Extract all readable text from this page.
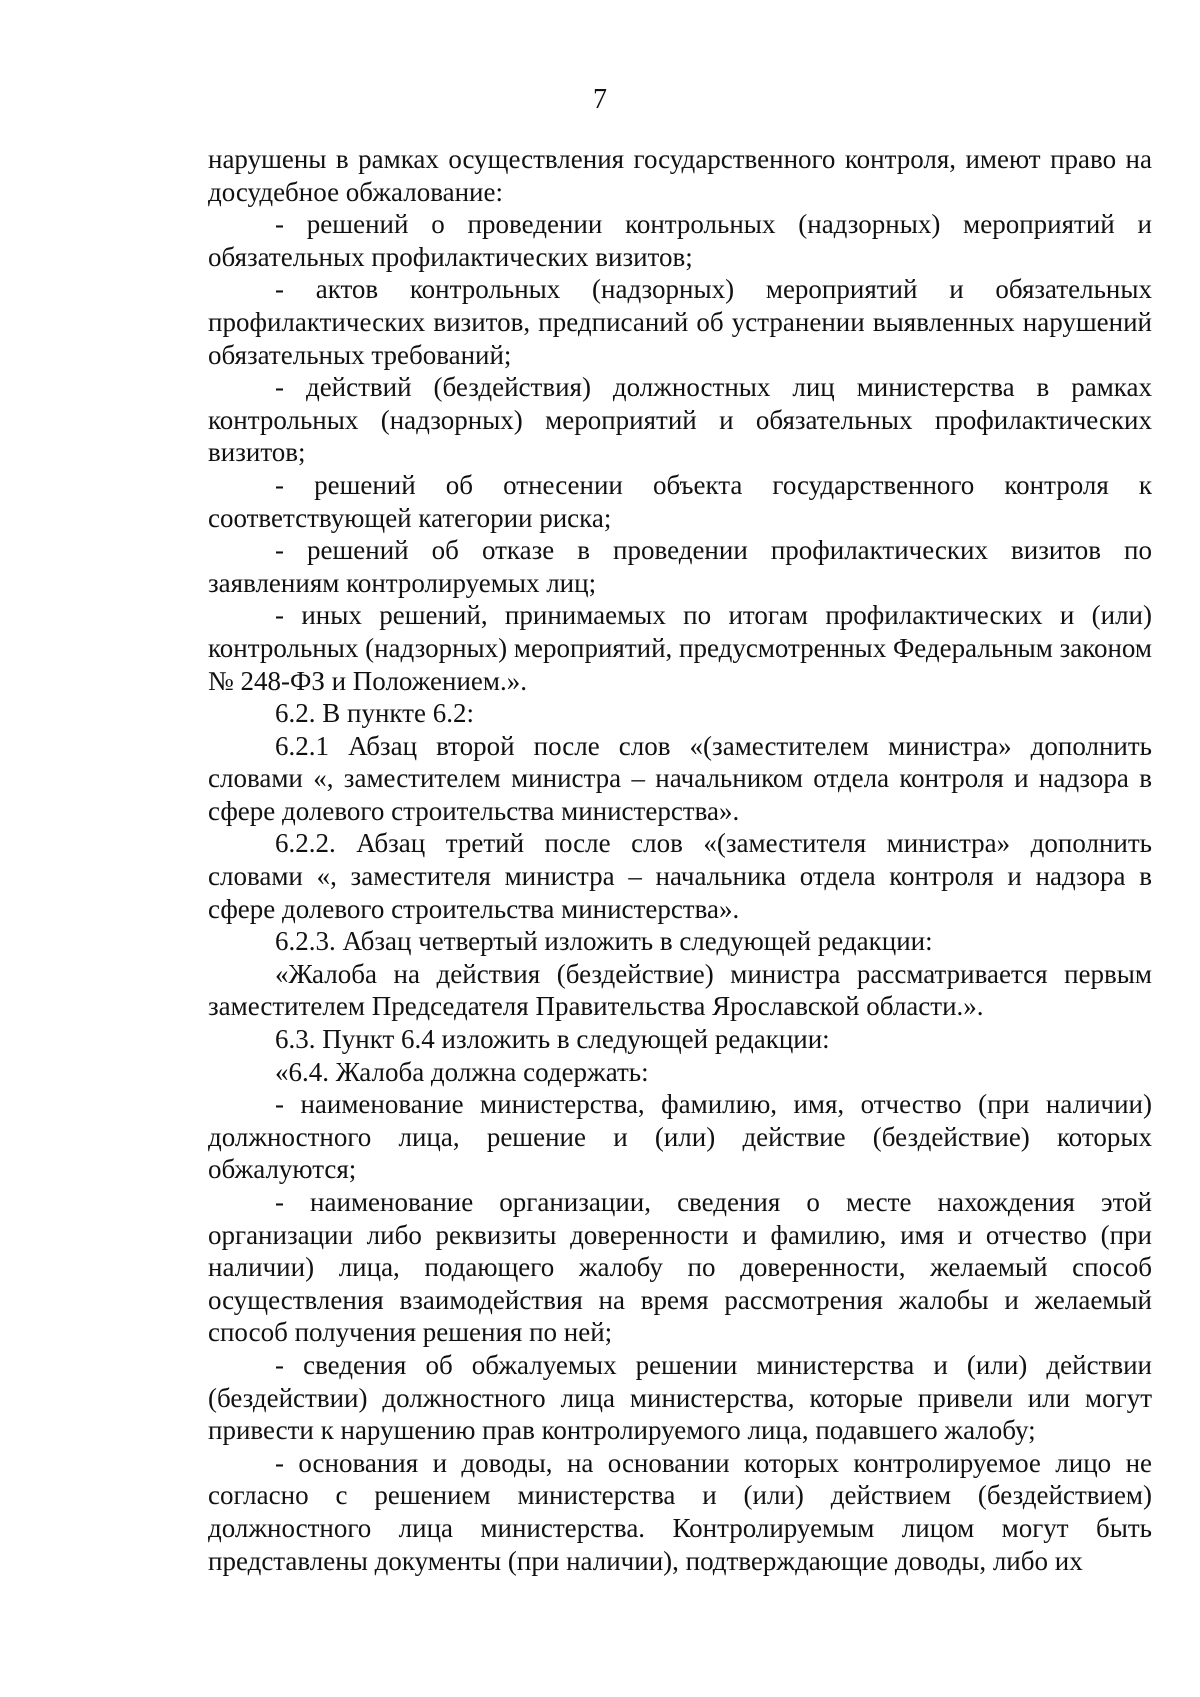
7

нарушены в рамках осуществления государственного контроля, имеют право на досудебное обжалование:

- решений о проведении контрольных (надзорных) мероприятий и обязательных профилактических визитов;

- актов контрольных (надзорных) мероприятий и обязательных профилактических визитов, предписаний об устранении выявленных нарушений обязательных требований;

- действий (бездействия) должностных лиц министерства в рамках контрольных (надзорных) мероприятий и обязательных профилактических визитов;

- решений об отнесении объекта государственного контроля к соответствующей категории риска;

- решений об отказе в проведении профилактических визитов по заявлениям контролируемых лиц;

- иных решений, принимаемых по итогам профилактических и (или) контрольных (надзорных) мероприятий, предусмотренных Федеральным законом № 248-ФЗ и Положением.».

6.2. В пункте 6.2:

6.2.1 Абзац второй после слов «(заместителем министра» дополнить словами «, заместителем министра – начальником отдела контроля и надзора в сфере долевого строительства министерства».

6.2.2. Абзац третий после слов «(заместителя министра» дополнить словами «, заместителя министра – начальника отдела контроля и надзора в сфере долевого строительства министерства».

6.2.3. Абзац четвертый изложить в следующей редакции:

«Жалоба на действия (бездействие) министра рассматривается первым заместителем Председателя Правительства Ярославской области.».

6.3. Пункт 6.4 изложить в следующей редакции:

«6.4. Жалоба должна содержать:

- наименование министерства, фамилию, имя, отчество (при наличии) должностного лица, решение и (или) действие (бездействие) которых обжалуются;

- наименование организации, сведения о месте нахождения этой организации либо реквизиты доверенности и фамилию, имя и отчество (при наличии) лица, подающего жалобу по доверенности, желаемый способ осуществления взаимодействия на время рассмотрения жалобы и желаемый способ получения решения по ней;

- сведения об обжалуемых решении министерства и (или) действии (бездействии) должностного лица министерства, которые привели или могут привести к нарушению прав контролируемого лица, подавшего жалобу;

- основания и доводы, на основании которых контролируемое лицо не согласно с решением министерства и (или) действием (бездействием) должностного лица министерства. Контролируемым лицом могут быть представлены документы (при наличии), подтверждающие доводы, либо их
